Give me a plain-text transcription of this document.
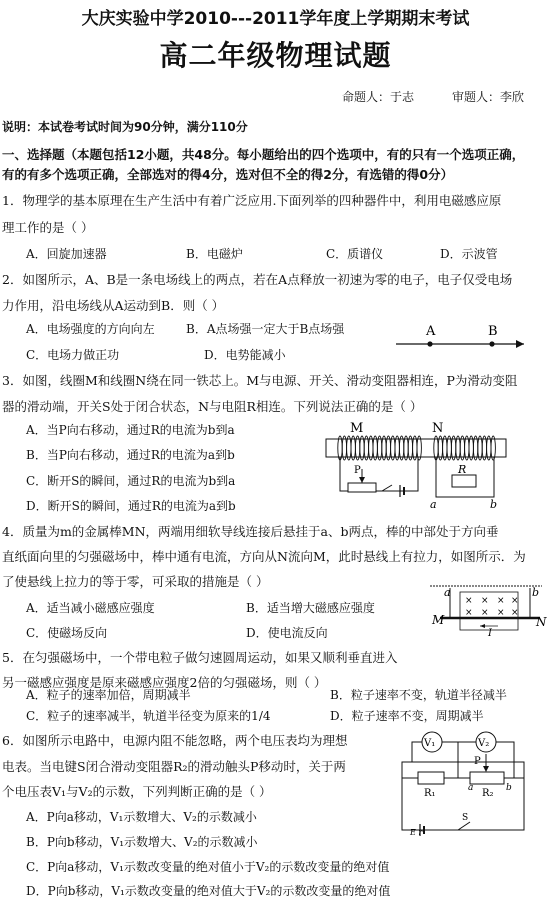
大庆实验中学2010---2011学年度上学期期末考试
高二年级物理试题
命题人：于志	审题人：李欣
说明：本试卷考试时间为90分钟，满分110分
一、选择题（本题包括12小题，共48分。每小题给出的四个选项中，有的只有一个选项正确，
有的有多个选项正确，全部选对的得4分，选对但不全的得2分，有选错的得0分）
1．物理学的基本原理在生产生活中有着广泛应用.下面列举的四种器件中，利用电磁感应原
理工作的是（ ）
A．回旋加速器	B．电磁炉	C．质谱仪	D．示波管
2．如图所示，A、B是一条电场线上的两点，若在A点释放一初速为零的电子，电子仅受电场
力作用，沿电场线从A运动到B．则（ ）
A．电场强度的方向向左	B．A点场强一定大于B点场强
C．电场力做正功	D．电势能减小
A	B
3．如图，线圈M和线圈N绕在同一铁芯上。M与电源、开关、滑动变阻器相连，P为滑动变阻
器的滑动端，开关S处于闭合状态，N与电阻R相连。下列说法正确的是（ ）
A．当P向右移动，通过R的电流为b到a
B．当P向右移动，通过R的电流为a到b
C．断开S的瞬间，通过R的电流为b到a
D．断开S的瞬间，通过R的电流为a到b
M	N
P	R
a	b
4．质量为m的金属棒MN，两端用细软导线连接后悬挂于a、b两点，棒的中部处于方向垂
直纸面向里的匀强磁场中，棒中通有电流，方向从N流向M，此时悬线上有拉力，如图所示．为
了使悬线上拉力的等于零，可采取的措施是（ ）
A．适当减小磁感应强度	B．适当增大磁感应强度
C．使磁场反向	D．使电流反向
a	b
× × × ×
× × × ×
M	N
I
5．在匀强磁场中，一个带电粒子做匀速圆周运动，如果又顺利垂直进入
另一磁感应强度是原来磁感应强度2倍的匀强磁场，则（ ）
A．粒子的速率加倍，周期减半	B．粒子速率不变，轨道半径减半
C．粒子的速率减半，轨道半径变为原来的1/4	D．粒子速率不变，周期减半
6．如图所示电路中，电源内阻不能忽略，两个电压表均为理想
电表。当电键S闭合滑动变阻器R₂的滑动触头P移动时，关于两
个电压表V₁与V₂的示数，下列判断正确的是（ ）
A．P向a移动，V₁示数增大、V₂的示数减小
B．P向b移动，V₁示数增大、V₂的示数减小
C．P向a移动，V₁示数改变量的绝对值小于V₂的示数改变量的绝对值
D．P向b移动，V₁示数改变量的绝对值大于V₂的示数改变量的绝对值
V₁	V₂
R₁	R₂
P
a	b
E r
S
